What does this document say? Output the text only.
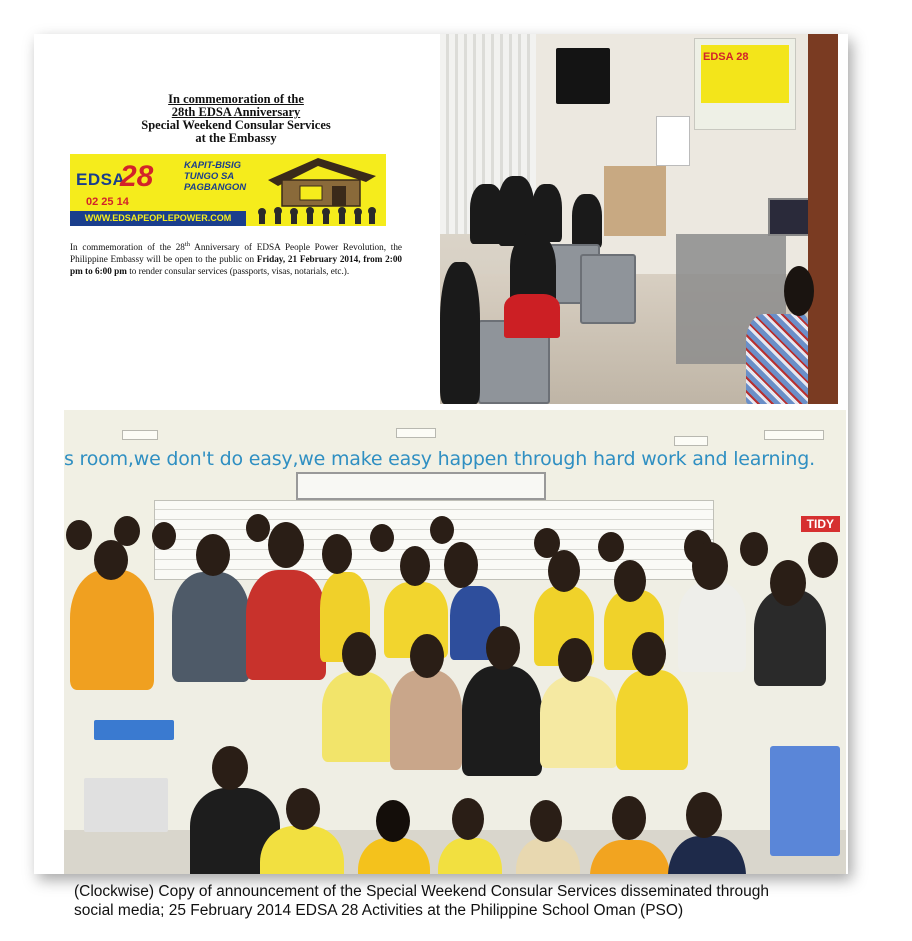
In commemoration of the
28th EDSA Anniversary
Special Weekend Consular Services
at the Embassy
EDSA
28
02 25 14
KAPIT-BISIG
TUNGO SA
PAGBANGON
WWW.EDSAPEOPLEPOWER.COM
In commemoration of the 28th Anniversary of EDSA People Power Revolution, the Philippine Embassy will be open to the public on Friday, 21 February 2014, from 2:00 pm to 6:00 pm to render consular services (passports, visas, notarials, etc.).
EDSA 28
s room,we don't do easy,we make easy happen through hard work and learning.
TIDY
(Clockwise) Copy of announcement of the Special Weekend Consular Services disseminated through
social media; 25 February 2014 EDSA 28 Activities at the Philippine School Oman (PSO)
